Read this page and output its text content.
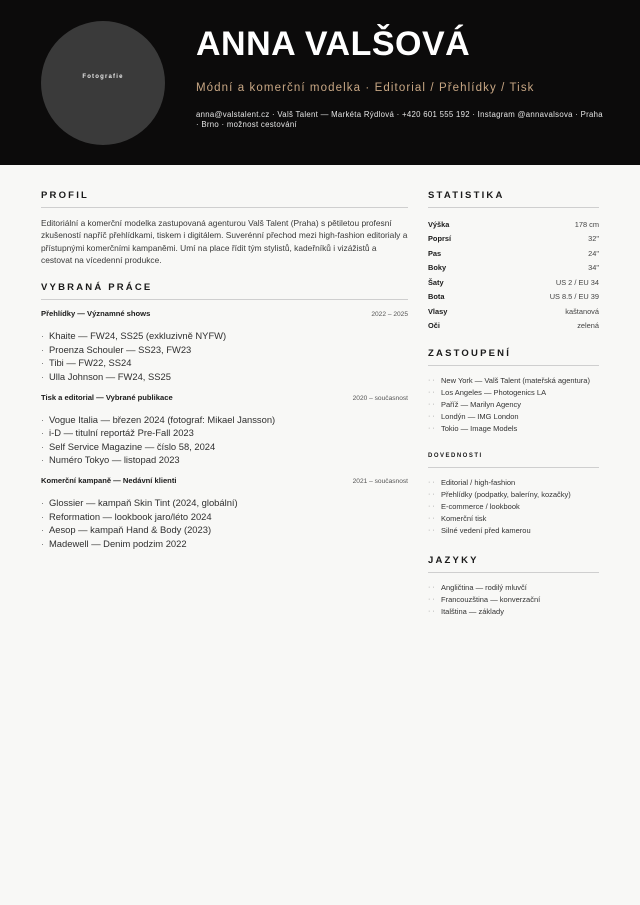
Fotografie
ANNA VALŠOVÁ
Módní a komerční modelka · Editorial / Přehlídky / Tisk
anna@valstalent.cz · Valš Talent — Markéta Rýdlová · +420 601 555 192 · Instagram @annavalsova · Praha · Brno · možnost cestování
PROFIL

Editoriální a komerční modelka zastupovaná agenturou Valš Talent (Praha) s pětiletou profesní zkušeností napříč přehlídkami, tiskem i digitálem. Suverénní přechod mezi high-fashion editorialy a přístupnými komerčními kampaněmi. Umí na place řídit tým stylistů, kadeřníků i vizážistů a cestovat na vícedenní produkce.

VYBRANÁ PRÁCE
Přehlídky — Významné shows	2022 – 2025
· Khaite — FW24, SS25 (exkluzivně NYFW)
· Proenza Schouler — SS23, FW23
· Tibi — FW22, SS24
· Ulla Johnson — FW24, SS25
Tisk a editorial — Vybrané publikace	2020 – současnost
· Vogue Italia — březen 2024 (fotograf: Mikael Jansson)
· i-D — titulní reportáž Pre-Fall 2023
· Self Service Magazine — číslo 58, 2024
· Numéro Tokyo — listopad 2023
Komerční kampaně — Nedávní klienti	2021 – současnost
· Glossier — kampaň Skin Tint (2024, globální)
· Reformation — lookbook jaro/léto 2024
· Aesop — kampaň Hand & Body (2023)
· Madewell — Denim podzim 2022
STATISTIKA
Výška	178 cm
Poprsí	32"
Pas	24"
Boky	34"
Šaty	US 2 / EU 34
Bota	US 8.5 / EU 39
Vlasy	kaštanová
Oči	zelená
ZASTOUPENÍ
· · New York — Valš Talent (mateřská agentura)
· · Los Angeles — Photogenics LA
· · Paříž — Marilyn Agency
· · Londýn — IMG London
· · Tokio — Image Models
DOVEDNOSTI
· · Editorial / high-fashion
· · Přehlídky (podpatky, baleríny, kozačky)
· · E-commerce / lookbook
· · Komerční tisk
· · Silné vedení před kamerou
JAZYKY
· · Angličtina — rodilý mluvčí
· · Francouzština — konverzační
· · Italština — základy
